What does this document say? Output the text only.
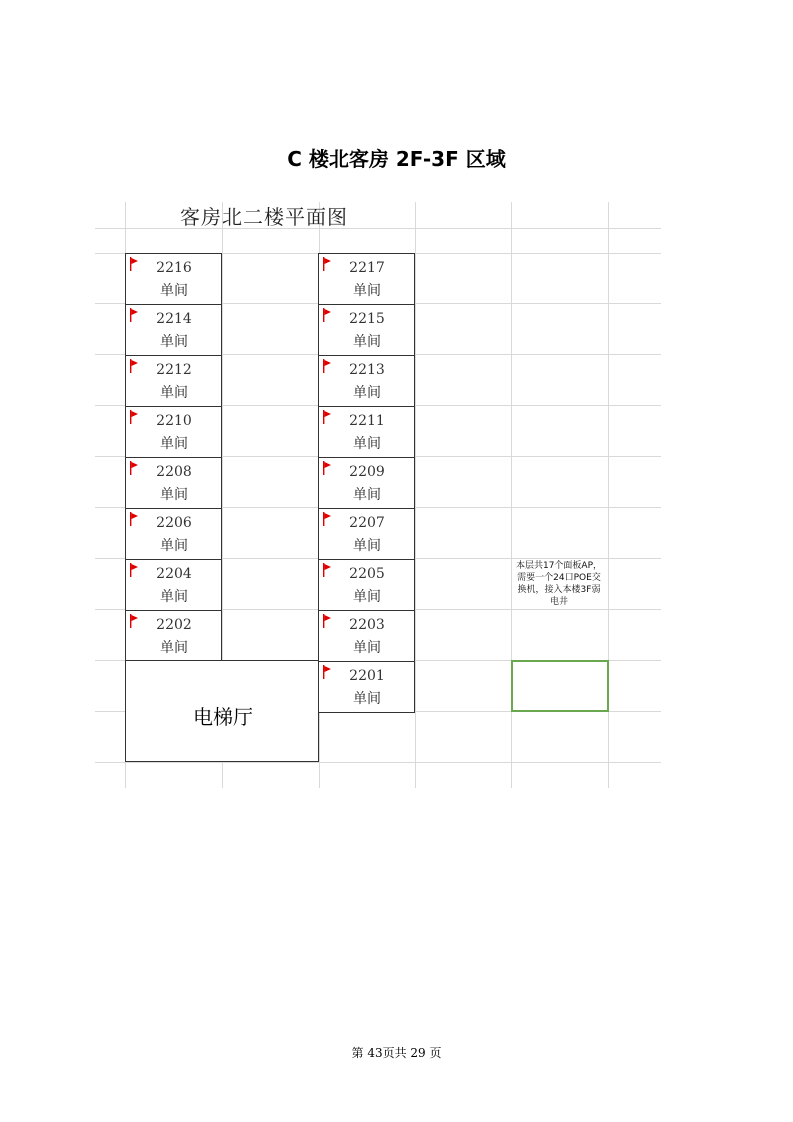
C 楼北客房 2F-3F 区域
客房北二楼平面图
2216
单间
2214
单间
2212
单间
2210
单间
2208
单间
2206
单间
2204
单间
2202
单间
2217
单间
2215
单间
2213
单间
2211
单间
2209
单间
2207
单间
2205
单间
2203
单间
2201
单间
电梯厅
本层共17个面板AP，
需要一个24口POE交
换机，接入本楼3F弱
电井
第 43页共 29 页
